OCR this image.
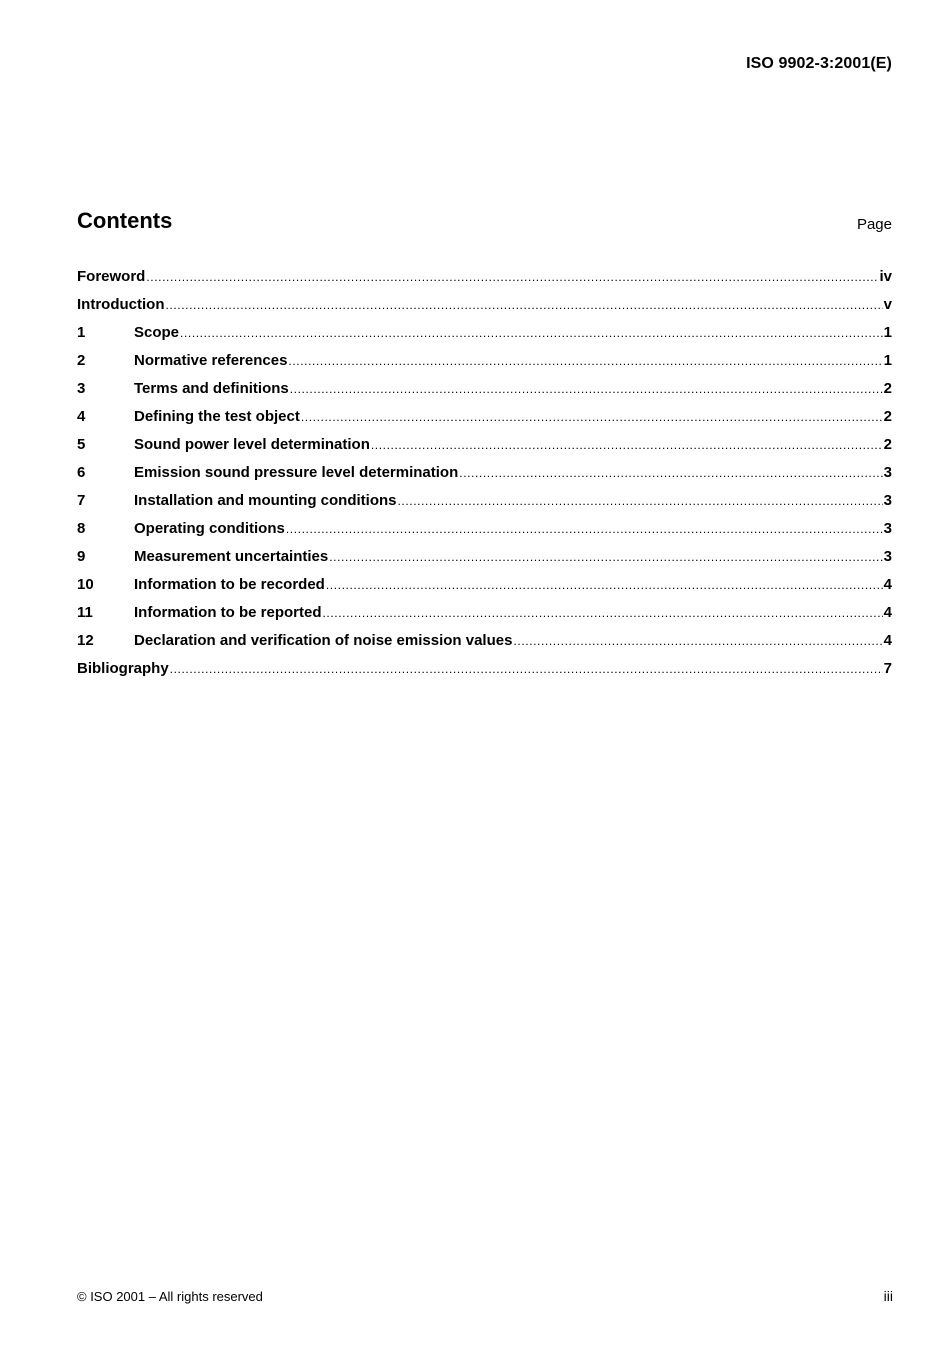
ISO 9902-3:2001(E)
Contents	Page
Foreword .....	iv
Introduction .....	v
1	Scope .....	1
2	Normative references .....	1
3	Terms and definitions .....	2
4	Defining the test object .....	2
5	Sound power level determination .....	2
6	Emission sound pressure level determination .....	3
7	Installation and mounting conditions .....	3
8	Operating conditions .....	3
9	Measurement uncertainties .....	3
10	Information to be recorded .....	4
11	Information to be reported .....	4
12	Declaration and verification of noise emission values .....	4
Bibliography .....	7
© ISO 2001 – All rights reserved	iii
